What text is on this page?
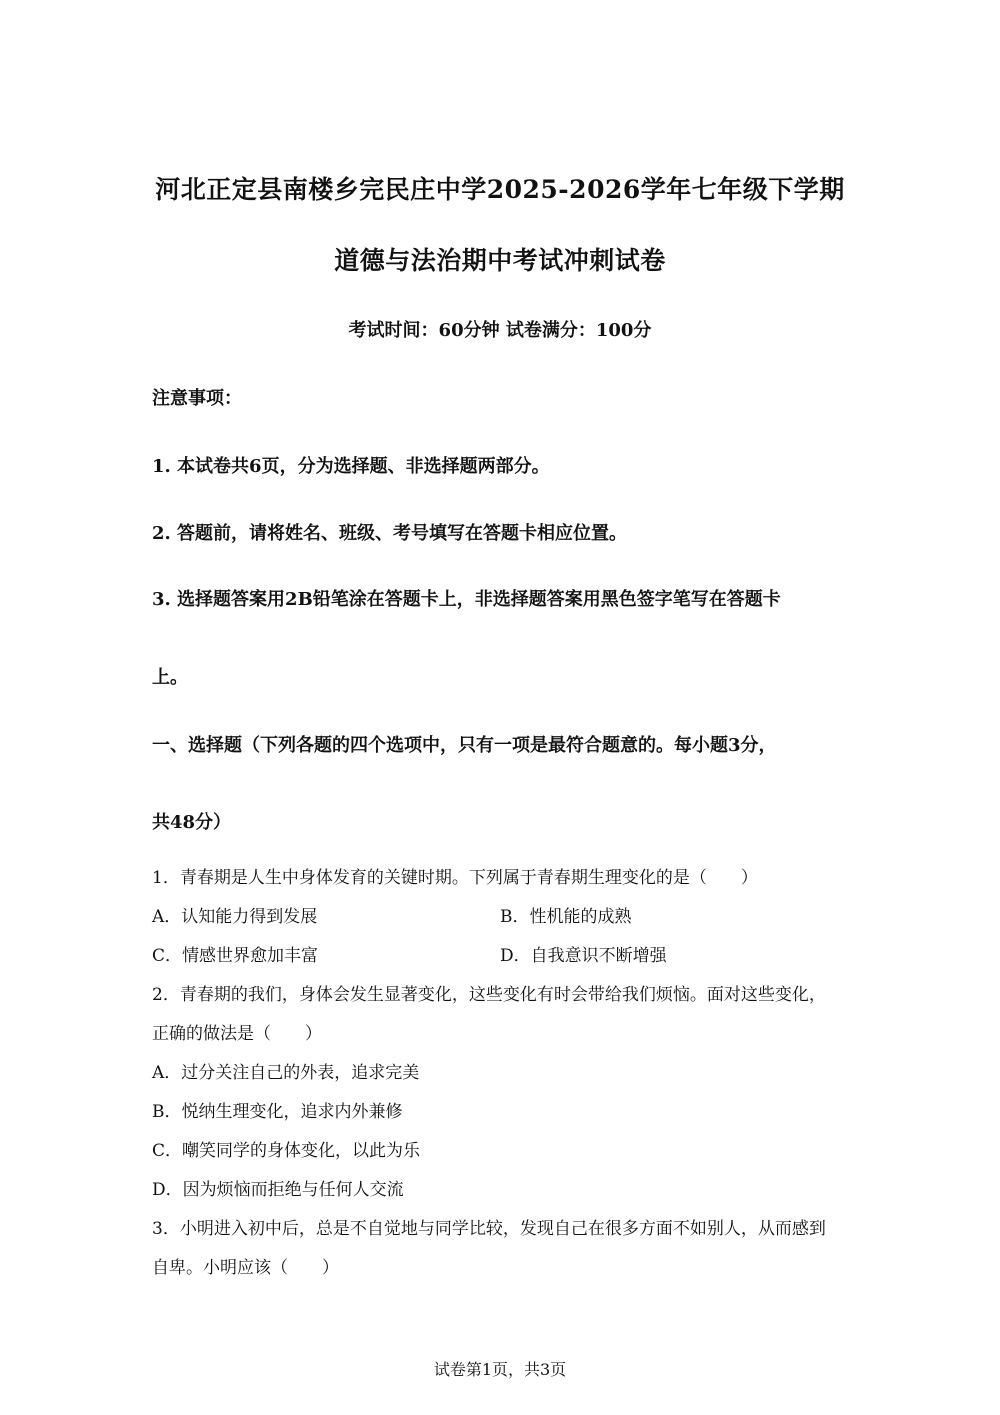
河北正定县南楼乡完民庄中学2025-2026学年七年级下学期
道德与法治期中考试冲刺试卷
考试时间：60分钟 试卷满分：100分
注意事项：
1. 本试卷共6页，分为选择题、非选择题两部分。
2. 答题前，请将姓名、班级、考号填写在答题卡相应位置。
3. 选择题答案用2B铅笔涂在答题卡上，非选择题答案用黑色签字笔写在答题卡
上。
一、选择题（下列各题的四个选项中，只有一项是最符合题意的。每小题3分，
共48分）
1．青春期是人生中身体发育的关键时期。下列属于青春期生理变化的是（　　）
A．认知能力得到发展	B．性机能的成熟
C．情感世界愈加丰富	D．自我意识不断增强
2．青春期的我们，身体会发生显著变化，这些变化有时会带给我们烦恼。面对这些变化，
正确的做法是（　　）
A．过分关注自己的外表，追求完美
B．悦纳生理变化，追求内外兼修
C．嘲笑同学的身体变化，以此为乐
D．因为烦恼而拒绝与任何人交流
3．小明进入初中后，总是不自觉地与同学比较，发现自己在很多方面不如别人，从而感到
自卑。小明应该（　　）
试卷第1页，共3页
